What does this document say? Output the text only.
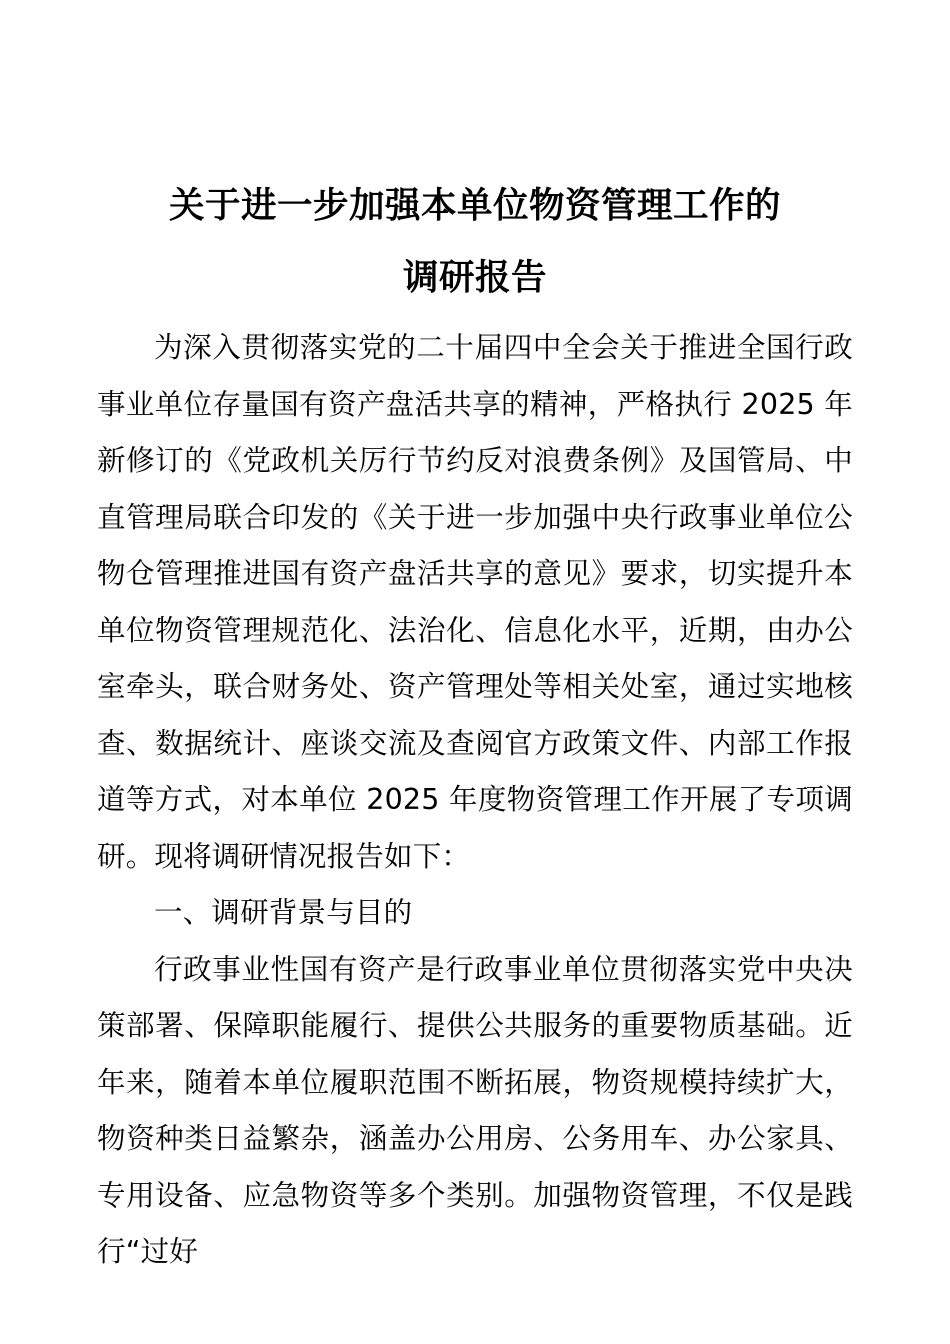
关于进一步加强本单位物资管理工作的
调研报告

为深入贯彻落实党的二十届四中全会关于推进全国行政事业单位存量国有资产盘活共享的精神，严格执行 2025 年新修订的《党政机关厉行节约反对浪费条例》及国管局、中直管理局联合印发的《关于进一步加强中央行政事业单位公物仓管理推进国有资产盘活共享的意见》要求，切实提升本单位物资管理规范化、法治化、信息化水平，近期，由办公室牵头，联合财务处、资产管理处等相关处室，通过实地核查、数据统计、座谈交流及查阅官方政策文件、内部工作报道等方式，对本单位 2025 年度物资管理工作开展了专项调研。现将调研情况报告如下：

一、调研背景与目的

行政事业性国有资产是行政事业单位贯彻落实党中央决策部署、保障职能履行、提供公共服务的重要物质基础。近年来，随着本单位履职范围不断拓展，物资规模持续扩大，物资种类日益繁杂，涵盖办公用房、公务用车、办公家具、专用设备、应急物资等多个类别。加强物资管理，不仅是践行“过好
